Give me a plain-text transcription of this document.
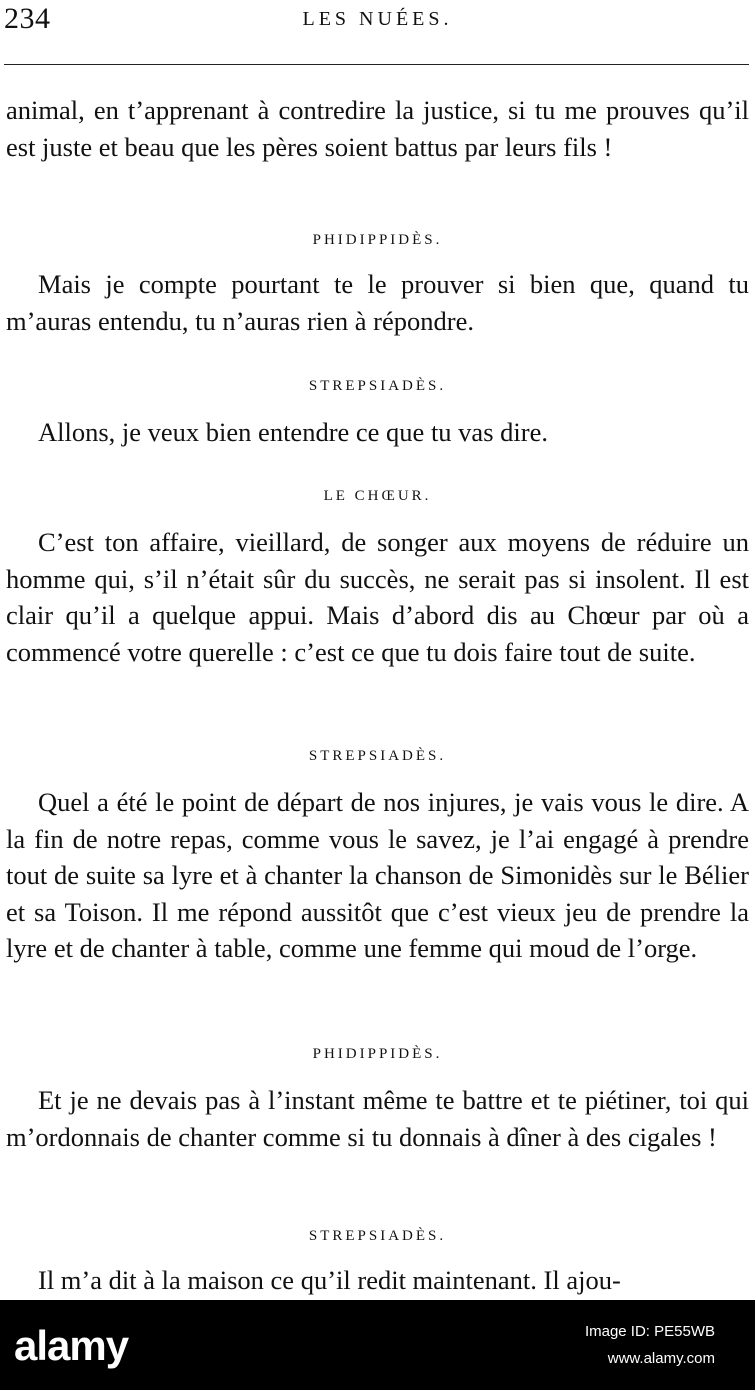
234	LES NUÉES.

animal, en t’apprenant à contredire la justice, si tu me prouves qu’il est juste et beau que les pères soient battus par leurs fils !

PHIDIPPIDÈS.

Mais je compte pourtant te le prouver si bien que, quand tu m’auras entendu, tu n’auras rien à répondre.

STREPSIADÈS.

Allons, je veux bien entendre ce que tu vas dire.

LE CHŒUR.

C’est ton affaire, vieillard, de songer aux moyens de réduire un homme qui, s’il n’était sûr du succès, ne serait pas si insolent. Il est clair qu’il a quelque appui. Mais d’abord dis au Chœur par où a commencé votre querelle : c’est ce que tu dois faire tout de suite.

STREPSIADÈS.

Quel a été le point de départ de nos injures, je vais vous le dire. A la fin de notre repas, comme vous le savez, je l’ai engagé à prendre tout de suite sa lyre et à chanter la chanson de Simonidès sur le Bélier et sa Toison. Il me répond aussitôt que c’est vieux jeu de prendre la lyre et de chanter à table, comme une femme qui moud de l’orge.

PHIDIPPIDÈS.

Et je ne devais pas à l’instant même te battre et te piétiner, toi qui m’ordonnais de chanter comme si tu donnais à dîner à des cigales !

STREPSIADÈS.

Il m’a dit à la maison ce qu’il redit maintenant. Il ajou-

alamy	Image ID: PE55WB
www.alamy.com
